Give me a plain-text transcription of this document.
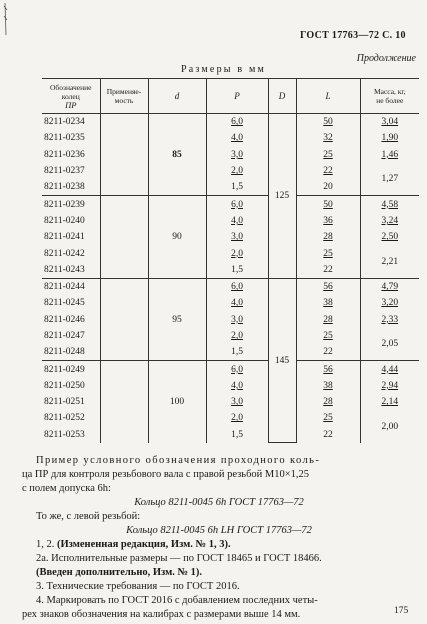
ГОСТ 17763—72 С. 10
Продолжение
Размеры в мм
Обозначение
колец
ПР	Применяе-
мость	d	P	D	L	Масса, кг,
не более
8211-0234		85	6,0	125	50	3,04
8211-0235			4,0		32	1,90
8211-0236			3,0		25	1,46
8211-0237			2,0		22	1,27
8211-0238			1,5		20	
8211-0239		90	6,0		50	4,58
8211-0240			4,0		36	3,24
8211-0241			3,0		28	2,50
8211-0242			2,0		25	2,21
8211-0243			1,5		22	
8211-0244		95	6,0	145	56	4,79
8211-0245			4,0		38	3,20
8211-0246			3,0		28	2,33
8211-0247			2,0		25	2,05
8211-0248			1,5		22	
8211-0249		100	6,0		56	4,44
8211-0250			4,0		38	2,94
8211-0251			3,0		28	2,14
8211-0252			2,0		25	2,00
8211-0253			1,5		22	

Пример условного обозначения проходного коль-

ца ПР для контроля резьбового вала с правой резьбой М10×1,25

с полем допуска 6h:

Кольцо 8211-0045 6h ГОСТ 17763—72

То же, с левой резьбой:

Кольцо 8211-0045 6h LH ГОСТ 17763—72

1, 2. (Измененная редакция, Изм. № 1, 3).

2а. Исполнительные размеры — по ГОСТ 18465 и ГОСТ 18466.

(Введен дополнительно, Изм. № 1).

3. Технические требования — по ГОСТ 2016.

4. Маркировать по ГОСТ 2016 с добавлением последних четы-

рех знаков обозначения на калибрах с размерами выше 14 мм.	175
